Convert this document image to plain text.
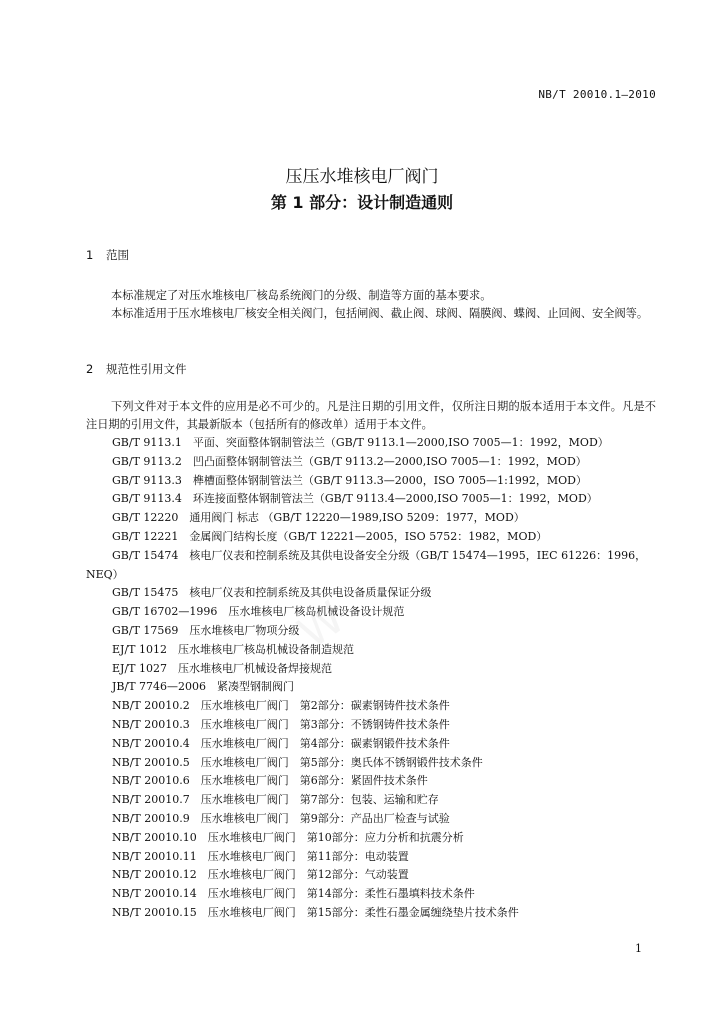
NB/T 20010.1—2010
压压水堆核电厂阀门
第 1 部分：设计制造通则
1 范围
本标准规定了对压水堆核电厂核岛系统阀门的分级、制造等方面的基本要求。
本标准适用于压水堆核电厂核安全相关阀门，包括闸阀、截止阀、球阀、隔膜阀、蝶阀、止回阀、安全阀等。
2 规范性引用文件
下列文件对于本文件的应用是必不可少的。凡是注日期的引用文件，仅所注日期的版本适用于本文件。凡是不注日期的引用文件，其最新版本（包括所有的修改单）适用于本文件。
GB/T 9113.1　平面、突面整体钢制管法兰（GB/T 9113.1—2000,ISO 7005—1：1992，MOD）
GB/T 9113.2　凹凸面整体钢制管法兰（GB/T 9113.2—2000,ISO 7005—1：1992，MOD）
GB/T 9113.3　榫槽面整体钢制管法兰（GB/T 9113.3—2000，ISO 7005—1:1992，MOD）
GB/T 9113.4　环连接面整体钢制管法兰（GB/T 9113.4—2000,ISO 7005—1：1992，MOD）
GB/T 12220　通用阀门 标志 （GB/T 12220—1989,ISO 5209：1977，MOD）
GB/T 12221　金属阀门结构长度（GB/T 12221—2005，ISO 5752：1982，MOD）
GB/T 15474　核电厂仪表和控制系统及其供电设备安全分级（GB/T 15474—1995，IEC 61226：1996，
NEQ）
GB/T 15475　核电厂仪表和控制系统及其供电设备质量保证分级
GB/T 16702—1996　压水堆核电厂核岛机械设备设计规范
GB/T 17569　压水堆核电厂物项分级
EJ/T 1012　压水堆核电厂核岛机械设备制造规范
EJ/T 1027　压水堆核电厂机械设备焊接规范
JB/T 7746—2006　紧凑型钢制阀门
NB/T 20010.2　压水堆核电厂阀门　第2部分：碳素钢铸件技术条件
NB/T 20010.3　压水堆核电厂阀门　第3部分：不锈钢铸件技术条件
NB/T 20010.4　压水堆核电厂阀门　第4部分：碳素钢锻件技术条件
NB/T 20010.5　压水堆核电厂阀门　第5部分：奥氏体不锈钢锻件技术条件
NB/T 20010.6　压水堆核电厂阀门　第6部分：紧固件技术条件
NB/T 20010.7　压水堆核电厂阀门　第7部分：包装、运输和贮存
NB/T 20010.9　压水堆核电厂阀门　第9部分：产品出厂检查与试验
NB/T 20010.10　压水堆核电厂阀门　第10部分：应力分析和抗震分析
NB/T 20010.11　压水堆核电厂阀门　第11部分：电动装置
NB/T 20010.12　压水堆核电厂阀门　第12部分：气动装置
NB/T 20010.14　压水堆核电厂阀门　第14部分：柔性石墨填料技术条件
NB/T 20010.15　压水堆核电厂阀门　第15部分：柔性石墨金属缠绕垫片技术条件
W
1
